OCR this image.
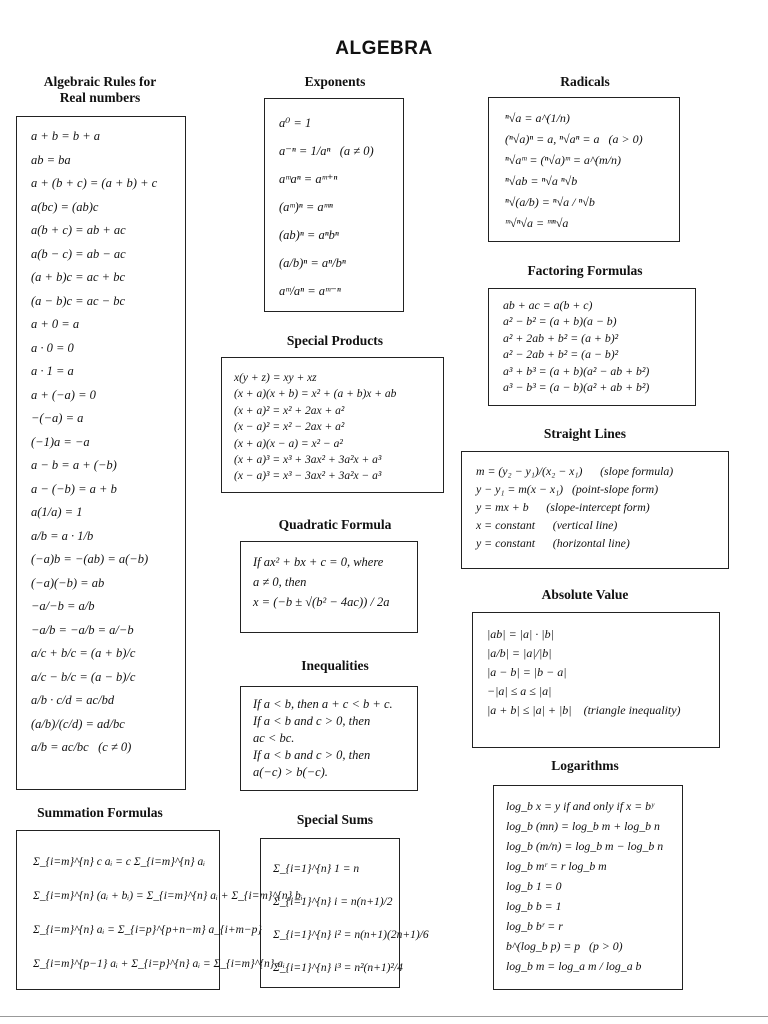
ALGEBRA
Algebraic Rules for
Real numbers
a + b = b + a
ab = ba
a + (b + c) = (a + b) + c
a(bc) = (ab)c
a(b + c) = ab + ac
a(b − c) = ab − ac
(a + b)c = ac + bc
(a − b)c = ac − bc
a + 0 = a
a · 0 = 0
a · 1 = a
a + (−a) = 0
−(−a) = a
(−1)a = −a
a − b = a + (−b)
a − (−b) = a + b
a(1/a) = 1
a/b = a · 1/b
(−a)b = −(ab) = a(−b)
(−a)(−b) = ab
−a/−b = a/b
−a/b = −a/b = a/−b
a/c + b/c = (a + b)/c
a/c − b/c = (a − b)/c
a/b · c/d = ac/bd
(a/b)/(c/d) = ad/bc
a/b = ac/bc   (c ≠ 0)
Summation Formulas
Σ_{i=m}^{n} c aᵢ = c Σ_{i=m}^{n} aᵢ
Σ_{i=m}^{n} (aᵢ + bᵢ) = Σ_{i=m}^{n} aᵢ + Σ_{i=m}^{n} bᵢ
Σ_{i=m}^{n} aᵢ = Σ_{i=p}^{p+n−m} a_{i+m−p}
Σ_{i=m}^{p−1} aᵢ + Σ_{i=p}^{n} aᵢ = Σ_{i=m}^{n} aᵢ
Exponents
a⁰ = 1
a⁻ⁿ = 1/aⁿ   (a ≠ 0)
aᵐaⁿ = aᵐ⁺ⁿ
(aᵐ)ⁿ = aᵐⁿ
(ab)ⁿ = aⁿbⁿ
(a/b)ⁿ = aⁿ/bⁿ
aᵐ/aⁿ = aᵐ⁻ⁿ
Special Products
x(y + z) = xy + xz
(x + a)(x + b) = x² + (a + b)x + ab
(x + a)² = x² + 2ax + a²
(x − a)² = x² − 2ax + a²
(x + a)(x − a) = x² − a²
(x + a)³ = x³ + 3ax² + 3a²x + a³
(x − a)³ = x³ − 3ax² + 3a²x − a³
Quadratic Formula
If ax² + bx + c = 0, where
a ≠ 0, then
x = (−b ± √(b² − 4ac)) / 2a
Inequalities
If a < b, then a + c < b + c.
If a < b and c > 0, then
ac < bc.
If a < b and c > 0, then
a(−c) > b(−c).
Special Sums
Σ_{i=1}^{n} 1 = n
Σ_{i=1}^{n} i = n(n+1)/2
Σ_{i=1}^{n} i² = n(n+1)(2n+1)/6
Σ_{i=1}^{n} i³ = n²(n+1)²/4
Radicals
ⁿ√a = a^(1/n)
(ⁿ√a)ⁿ = a, ⁿ√aⁿ = a   (a > 0)
ⁿ√aᵐ = (ⁿ√a)ᵐ = a^(m/n)
ⁿ√ab = ⁿ√a ⁿ√b
ⁿ√(a/b) = ⁿ√a / ⁿ√b
ᵐ√ⁿ√a = ᵐⁿ√a
Factoring Formulas
ab + ac = a(b + c)
a² − b² = (a + b)(a − b)
a² + 2ab + b² = (a + b)²
a² − 2ab + b² = (a − b)²
a³ + b³ = (a + b)(a² − ab + b²)
a³ − b³ = (a − b)(a² + ab + b²)
Straight Lines
m = (y₂ − y₁)/(x₂ − x₁)      (slope formula)
y − y₁ = m(x − x₁)   (point-slope form)
y = mx + b      (slope-intercept form)
x = constant      (vertical line)
y = constant      (horizontal line)
Absolute Value
|ab| = |a| · |b|
|a/b| = |a|/|b|
|a − b| = |b − a|
−|a| ≤ a ≤ |a|
|a + b| ≤ |a| + |b|    (triangle inequality)
Logarithms
log_b x = y if and only if x = bʸ
log_b (mn) = log_b m + log_b n
log_b (m/n) = log_b m − log_b n
log_b mʳ = r log_b m
log_b 1 = 0
log_b b = 1
log_b bʳ = r
b^(log_b p) = p   (p > 0)
log_b m = log_a m / log_a b
